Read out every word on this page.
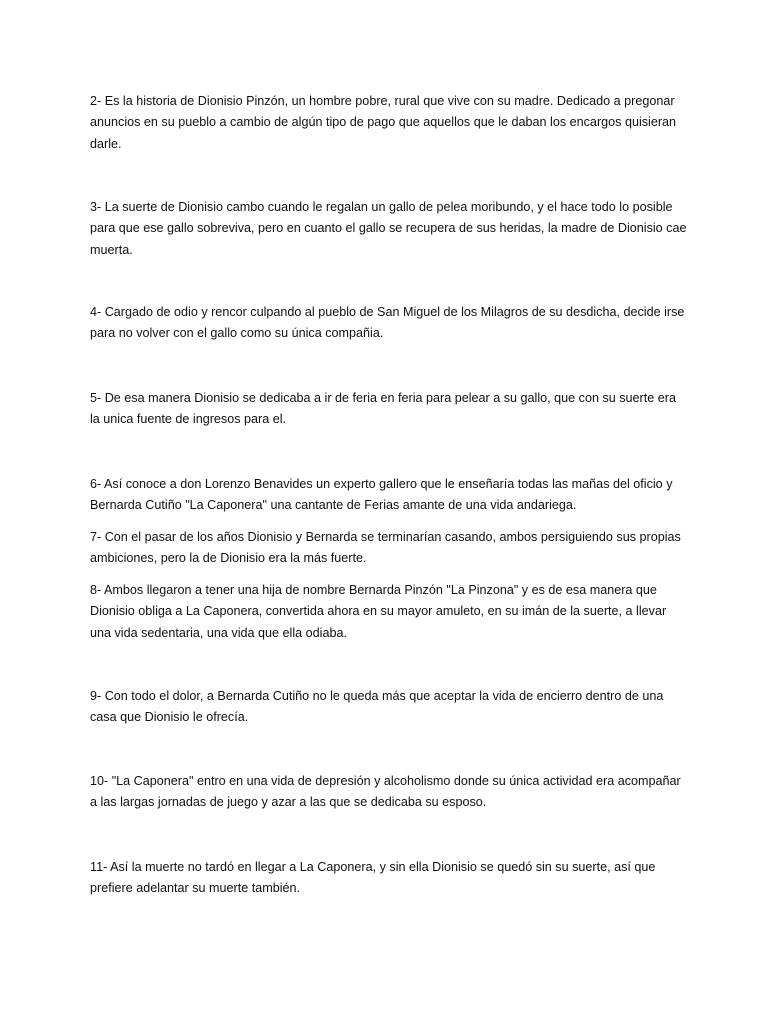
2- Es la historia de Dionisio Pinzón, un hombre pobre, rural que vive con su madre. Dedicado a pregonar anuncios en su pueblo a cambio de algún tipo de pago que aquellos que le daban los encargos quisieran darle.

3- La suerte de Dionisio cambo cuando le regalan un gallo de pelea moribundo, y el hace todo lo posible para que ese gallo sobreviva, pero en cuanto el gallo se recupera de sus heridas, la madre de Dionisio cae muerta.

4- Cargado de odio y rencor culpando al pueblo de San Miguel de los Milagros de su desdicha, decide irse para no volver con el gallo como su única compañia.

5- De esa manera Dionisio se dedicaba a ir de feria en feria para pelear a su gallo, que con su suerte era la unica fuente de ingresos para el.

6- Así conoce a don Lorenzo Benavides un experto gallero que le enseñaría todas las mañas del oficio y Bernarda Cutiño "La Caponera" una cantante de Ferias amante de una vida andariega.

7- Con el pasar de los años Dionisio y Bernarda se terminarían casando, ambos persiguiendo sus propias ambiciones, pero la de Dionisio era la más fuerte.

8- Ambos llegaron a tener una hija de nombre Bernarda Pinzón "La Pinzona" y es de esa manera que Dionisio obliga a La Caponera, convertida ahora en su mayor amuleto, en su imán de la suerte, a llevar una vida sedentaria, una vida que ella odiaba.

9- Con todo el dolor, a Bernarda Cutiño no le queda más que aceptar la vida de encierro dentro de una casa que Dionisio le ofrecía.

10- "La Caponera" entro en una vida de depresión y alcoholismo donde su única actividad era acompañar a las largas jornadas de juego y azar a las que se dedicaba su esposo.

11- Así la muerte no tardó en llegar a La Caponera, y sin ella Dionisio se quedó sin su suerte, así que prefiere adelantar su muerte también.
